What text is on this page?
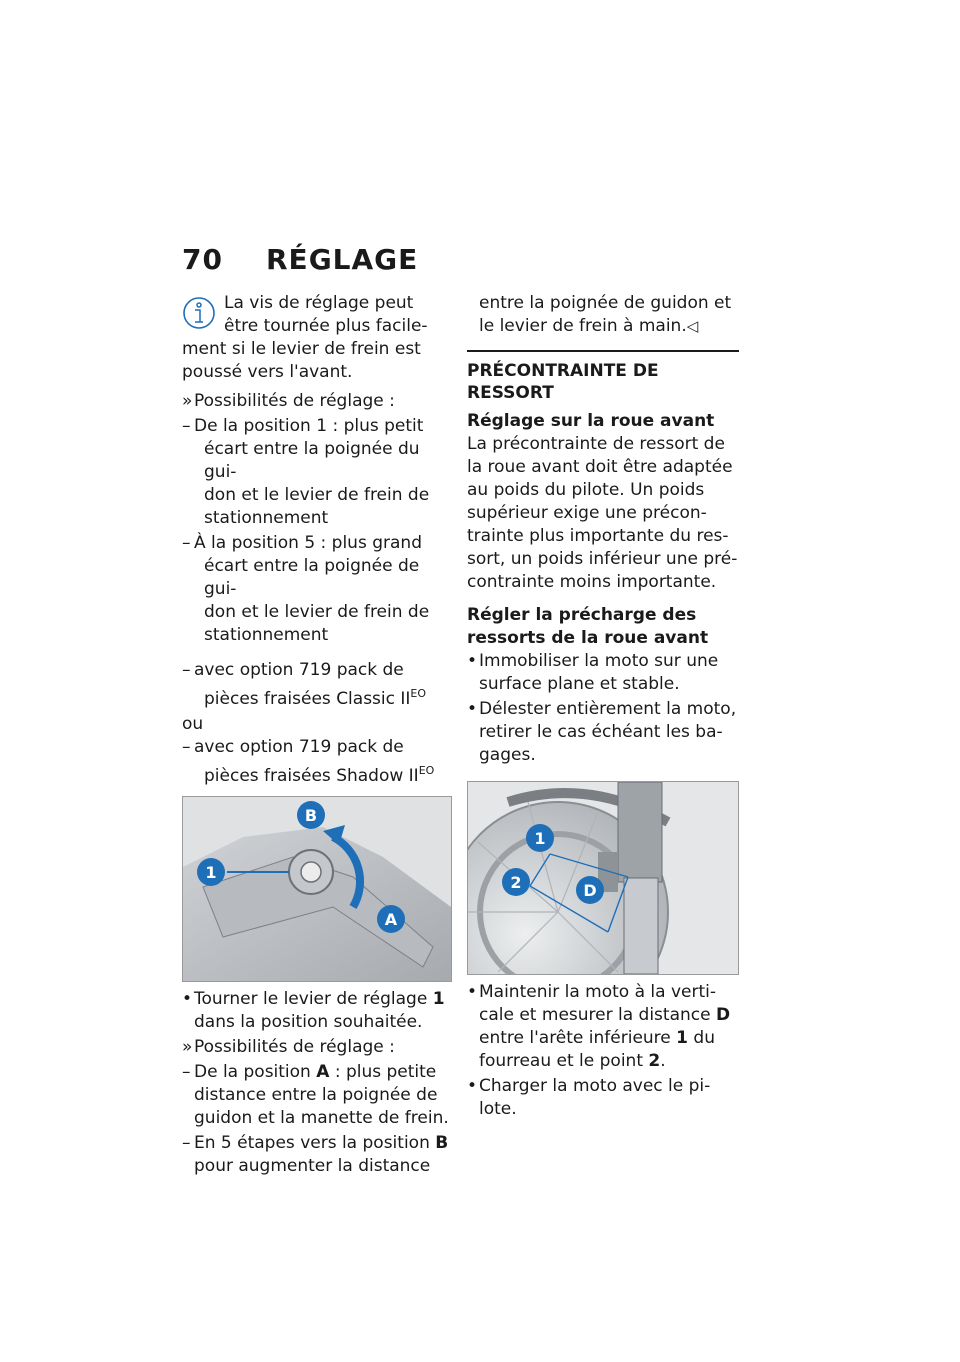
70 RÉGLAGE

La vis de réglage peut

être tournée plus facile-

ment si le levier de frein est poussé vers l'avant.

» Possibilités de réglage :
– De la position 1 : plus petit
écart entre la poignée du gui-
don et le levier de frein de
stationnement
– À la position 5 : plus grand
écart entre la poignée de gui-
don et le levier de frein de
stationnement
– avec option 719 pack de
pièces fraisées Classic $II^{EO}$

ou

– avec option 719 pack de
pièces fraisées Shadow $II^{EO}$
1
B
A
• Tourner le levier de réglage 1
dans la position souhaitée.
» Possibilités de réglage :
– De la position A : plus petite
distance entre la poignée de
guidon et la manette de frein.
– En 5 étapes vers la position B
pour augmenter la distance

entre la poignée de guidon et

le levier de frein à main.◁

PRÉCONTRAINTE DE
RESSORT

Réglage sur la roue avant

La précontrainte de ressort de

la roue avant doit être adaptée

au poids du pilote. Un poids

supérieur exige une précon-

trainte plus importante du res-

sort, un poids inférieur une pré-

contrainte moins importante.

Régler la précharge des
ressorts de la roue avant
• Immobiliser la moto sur une
surface plane et stable.
• Délester entièrement la moto,
retirer le cas échéant les ba-
gages.
1
2	D
• Maintenir la moto à la verti-
cale et mesurer la distance D
entre l'arête inférieure 1 du
fourreau et le point 2.
• Charger la moto avec le pi-
lote.
